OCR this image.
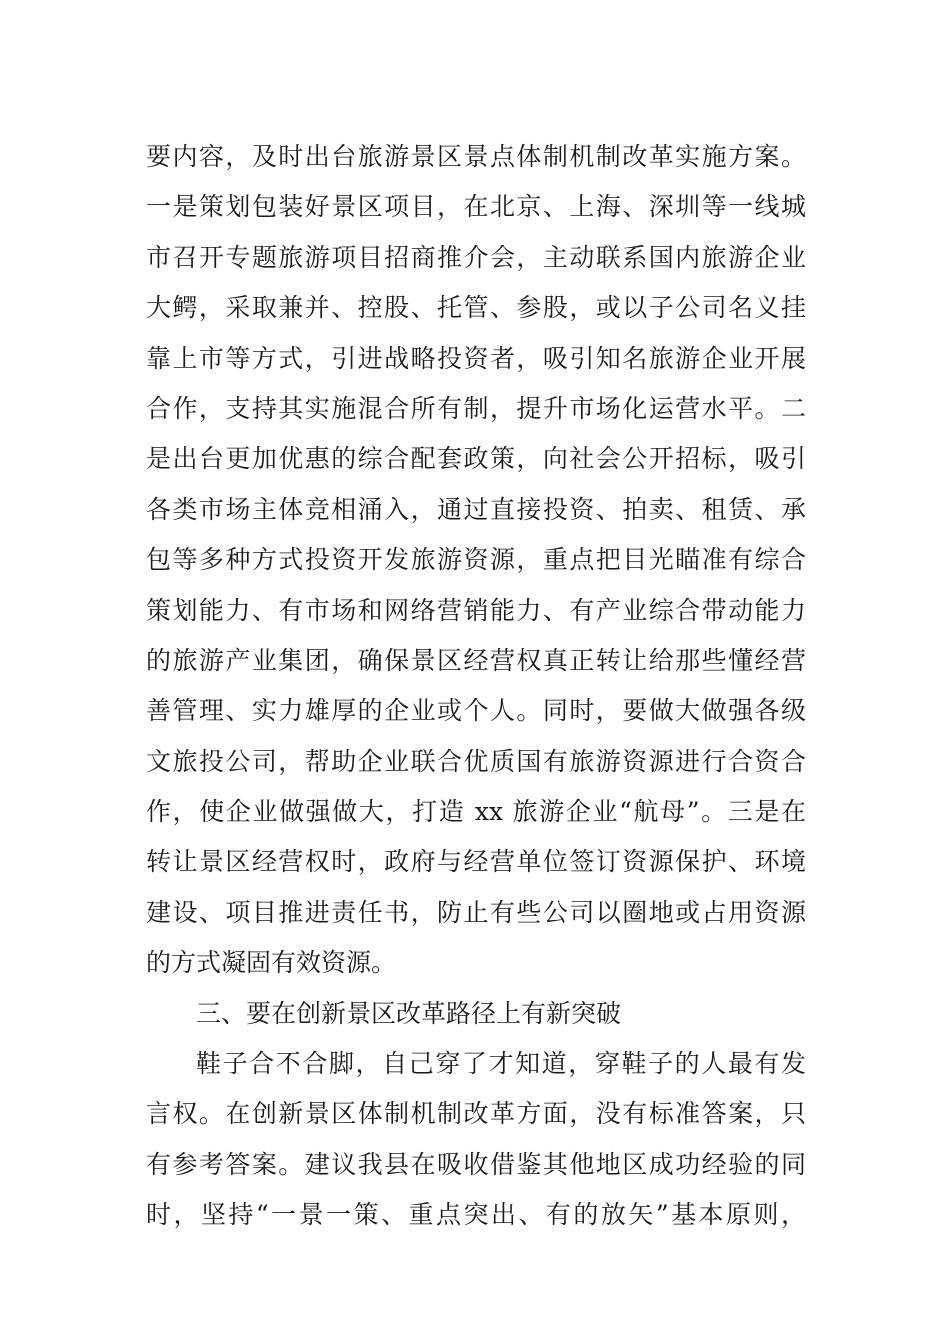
要内容，及时出台旅游景区景点体制机制改革实施方案。
一是策划包装好景区项目，在北京、上海、深圳等一线城
市召开专题旅游项目招商推介会，主动联系国内旅游企业
大鳄，采取兼并、控股、托管、参股，或以子公司名义挂
靠上市等方式，引进战略投资者，吸引知名旅游企业开展
合作，支持其实施混合所有制，提升市场化运营水平。二
是出台更加优惠的综合配套政策，向社会公开招标，吸引
各类市场主体竞相涌入，通过直接投资、拍卖、租赁、承
包等多种方式投资开发旅游资源，重点把目光瞄准有综合
策划能力、有市场和网络营销能力、有产业综合带动能力
的旅游产业集团，确保景区经营权真正转让给那些懂经营
善管理、实力雄厚的企业或个人。同时，要做大做强各级
文旅投公司，帮助企业联合优质国有旅游资源进行合资合
作，使企业做强做大，打造 xx 旅游企业“航母”。三是在
转让景区经营权时，政府与经营单位签订资源保护、环境
建设、项目推进责任书，防止有些公司以圈地或占用资源
的方式凝固有效资源。
三、要在创新景区改革路径上有新突破
鞋子合不合脚，自己穿了才知道，穿鞋子的人最有发
言权。在创新景区体制机制改革方面，没有标准答案，只
有参考答案。建议我县在吸收借鉴其他地区成功经验的同
时，坚持“一景一策、重点突出、有的放矢”基本原则，
